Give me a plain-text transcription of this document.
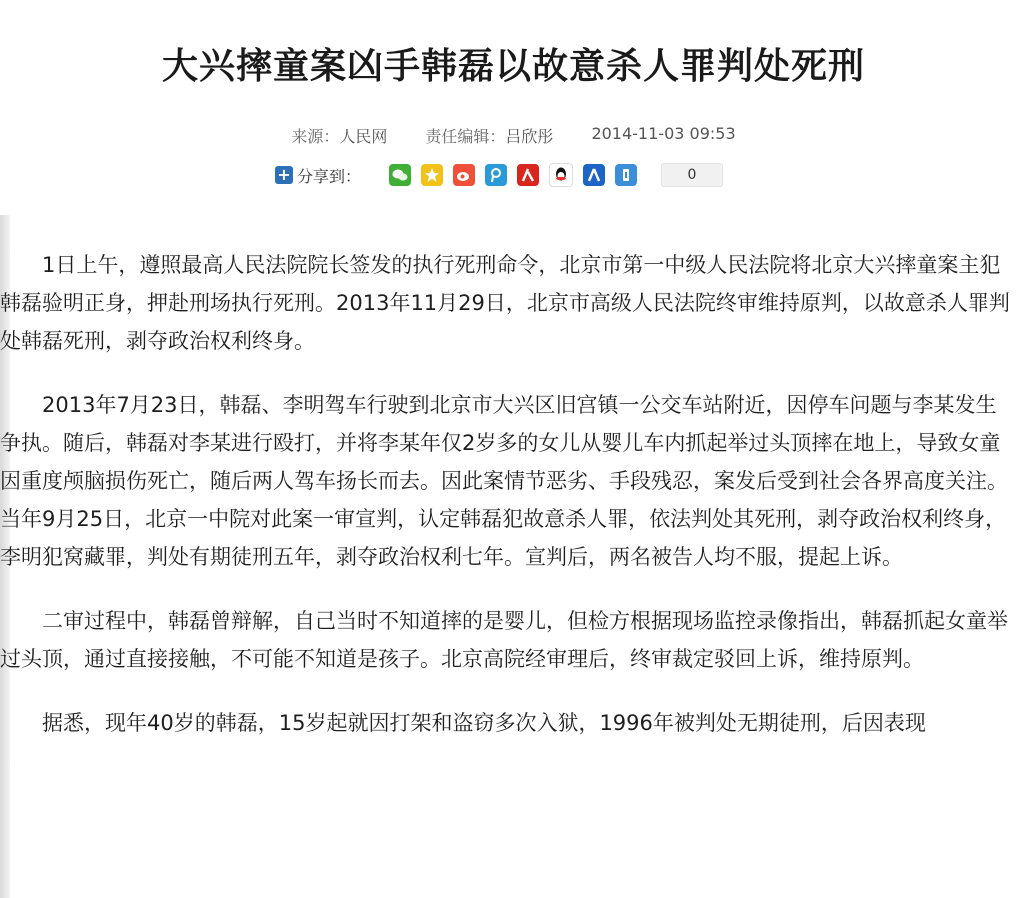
大兴摔童案凶手韩磊以故意杀人罪判处死刑
来源：人民网 责任编辑：吕欣彤 2014-11-03 09:53
+ 分享到：	0

1日上午，遵照最高人民法院院长签发的执行死刑命令，北京市第一中级人民法院将北京大兴摔童案主犯韩磊验明正身，押赴刑场执行死刑。2013年11月29日，北京市高级人民法院终审维持原判，以故意杀人罪判处韩磊死刑，剥夺政治权利终身。

2013年7月23日，韩磊、李明驾车行驶到北京市大兴区旧宫镇一公交车站附近，因停车问题与李某发生争执。随后，韩磊对李某进行殴打，并将李某年仅2岁多的女儿从婴儿车内抓起举过头顶摔在地上，导致女童因重度颅脑损伤死亡，随后两人驾车扬长而去。因此案情节恶劣、手段残忍，案发后受到社会各界高度关注。当年9月25日，北京一中院对此案一审宣判，认定韩磊犯故意杀人罪，依法判处其死刑，剥夺政治权利终身，李明犯窝藏罪，判处有期徒刑五年，剥夺政治权利七年。宣判后，两名被告人均不服，提起上诉。

二审过程中，韩磊曾辩解，自己当时不知道摔的是婴儿，但检方根据现场监控录像指出，韩磊抓起女童举过头顶，通过直接接触，不可能不知道是孩子。北京高院经审理后，终审裁定驳回上诉，维持原判。

据悉，现年40岁的韩磊，15岁起就因打架和盗窃多次入狱，1996年被判处无期徒刑，后因表现
